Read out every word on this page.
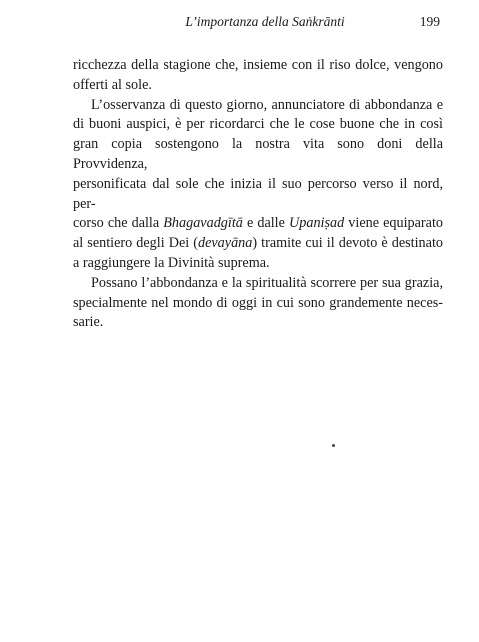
L’importanza della Saṅkrānti	199
ricchezza della stagione che, insieme con il riso dolce, vengono
offerti al sole.
L’osservanza di questo giorno, annunciatore di abbondanza e
di buoni auspici, è per ricordarci che le cose buone che in così
gran copia sostengono la nostra vita sono doni della Provvidenza,
personificata dal sole che inizia il suo percorso verso il nord, per-
corso che dalla Bhagavadgītā e dalle Upaniṣad viene equiparato
al sentiero degli Dei (devayāna) tramite cui il devoto è destinato
a raggiungere la Divinità suprema.
Possano l’abbondanza e la spiritualità scorrere per sua grazia,
specialmente nel mondo di oggi in cui sono grandemente neces-
sarie.
